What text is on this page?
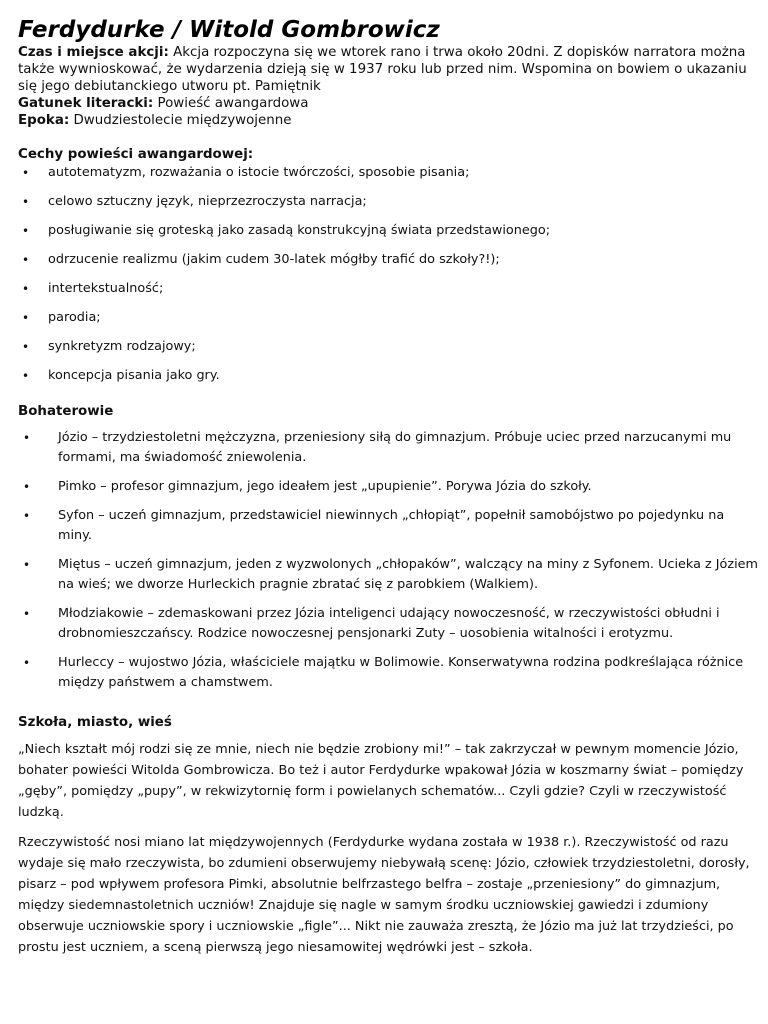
Ferdydurke / Witold Gombrowicz

Czas i miejsce akcji: Akcja rozpoczyna się we wtorek rano i trwa około 20dni. Z dopisków narratora można także wywnioskować, że wydarzenia dzieją się w 1937 roku lub przed nim. Wspomina on bowiem o ukazaniu się jego debiutanckiego utworu pt. Pamiętnik

Gatunek literacki: Powieść awangardowa

Epoka: Dwudziestolecie międzywojenne

Cechy powieści awangardowej:

• autotematyzm, rozważania o istocie twórczości, sposobie pisania;
• celowo sztuczny język, nieprzezroczysta narracja;
• posługiwanie się groteską jako zasadą konstrukcyjną świata przedstawionego;
• odrzucenie realizmu (jakim cudem 30-latek mógłby trafić do szkoły?!);
• intertekstualność;
• parodia;
• synkretyzm rodzajowy;
• koncepcja pisania jako gry.

Bohaterowie

• Józio – trzydziestoletni mężczyzna, przeniesiony siłą do gimnazjum. Próbuje uciec przed narzucanymi mu formami, ma świadomość zniewolenia.
• Pimko – profesor gimnazjum, jego ideałem jest „upupienie”. Porywa Józia do szkoły.
• Syfon – uczeń gimnazjum, przedstawiciel niewinnych „chłopiąt”, popełnił samobójstwo po pojedynku na miny.
• Miętus – uczeń gimnazjum, jeden z wyzwolonych „chłopaków”, walczący na miny z Syfonem. Ucieka z Józiem na wieś; we dworze Hurleckich pragnie zbratać się z parobkiem (Walkiem).
• Młodziakowie – zdemaskowani przez Józia inteligenci udający nowoczesność, w rzeczywistości obłudni i drobnomieszczańscy. Rodzice nowoczesnej pensjonarki Zuty – uosobienia witalności i erotyzmu.
• Hurleccy – wujostwo Józia, właściciele majątku w Bolimowie. Konserwatywna rodzina podkreślająca różnice między państwem a chamstwem.

Szkoła, miasto, wieś

„Niech kształt mój rodzi się ze mnie, niech nie będzie zrobiony mi!” – tak zakrzyczał w pewnym momencie Józio, bohater powieści Witolda Gombrowicza. Bo też i autor Ferdydurke wpakował Józia w koszmarny świat – pomiędzy „gęby”, pomiędzy „pupy”, w rekwizytornię form i powielanych schematów... Czyli gdzie? Czyli w rzeczywistość ludzką.

Rzeczywistość nosi miano lat międzywojennych (Ferdydurke wydana została w 1938 r.). Rzeczywistość od razu wydaje się mało rzeczywista, bo zdumieni obserwujemy niebywałą scenę: Józio, człowiek trzydziestoletni, dorosły, pisarz – pod wpływem profesora Pimki, absolutnie belfrzastego belfra – zostaje „przeniesiony” do gimnazjum, między siedemnastoletnich uczniów! Znajduje się nagle w samym środku uczniowskiej gawiedzi i zdumiony obserwuje uczniowskie spory i uczniowskie „figle”... Nikt nie zauważa zresztą, że Józio ma już lat trzydzieści, po prostu jest uczniem, a sceną pierwszą jego niesamowitej wędrówki jest – szkoła.
